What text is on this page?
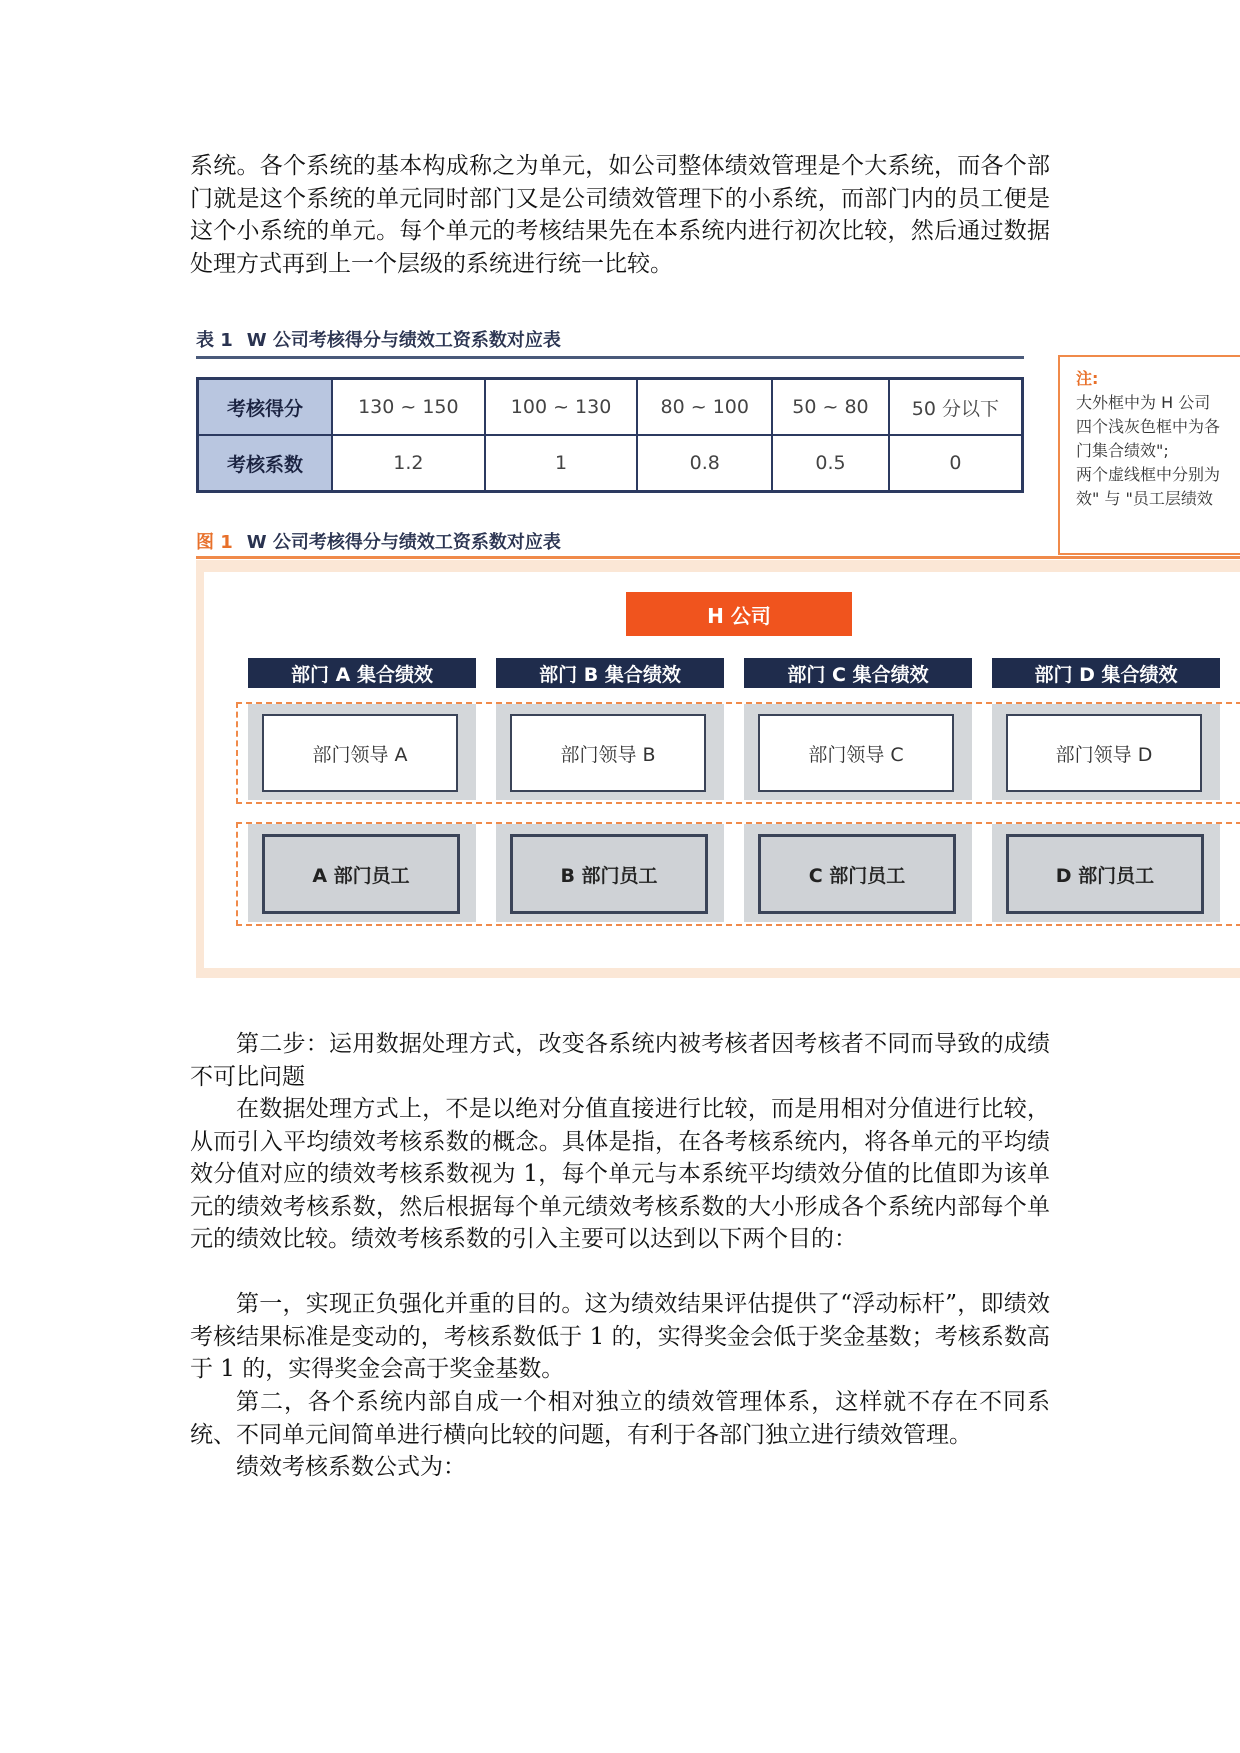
系统。各个系统的基本构成称之为单元，如公司整体绩效管理是个大系统，而各个部门就是这个系统的单元同时部门又是公司绩效管理下的小系统，而部门内的员工便是这个小系统的单元。每个单元的考核结果先在本系统内进行初次比较，然后通过数据处理方式再到上一个层级的系统进行统一比较。

表 1 W 公司考核得分与绩效工资系数对应表
考核得分	130 ~ 150	100 ~ 130	80 ~ 100	50 ~ 80	50 分以下
考核系数	1.2	1	0.8	0.5	0
注:
大外框中为 H 公司
四个浅灰色框中为各
门集合绩效";
两个虚线框中分别为
效" 与 "员工层绩效
图 1 W 公司考核得分与绩效工资系数对应表
H 公司
部门 A 集合绩效	部门 B 集合绩效	部门 C 集合绩效	部门 D 集合绩效
部门领导 A	部门领导 B	部门领导 C	部门领导 D
A 部门员工	B 部门员工	C 部门员工	D 部门员工

第二步：运用数据处理方式，改变各系统内被考核者因考核者不同而导致的成绩不可比问题

在数据处理方式上，不是以绝对分值直接进行比较，而是用相对分值进行比较，从而引入平均绩效考核系数的概念。具体是指，在各考核系统内，将各单元的平均绩效分值对应的绩效考核系数视为 1，每个单元与本系统平均绩效分值的比值即为该单元的绩效考核系数，然后根据每个单元绩效考核系数的大小形成各个系统内部每个单元的绩效比较。绩效考核系数的引入主要可以达到以下两个目的：

第一，实现正负强化并重的目的。这为绩效结果评估提供了“浮动标杆”，即绩效考核结果标准是变动的，考核系数低于 1 的，实得奖金会低于奖金基数；考核系数高于 1 的，实得奖金会高于奖金基数。

第二，各个系统内部自成一个相对独立的绩效管理体系，这样就不存在不同系统、不同单元间简单进行横向比较的问题，有利于各部门独立进行绩效管理。

绩效考核系数公式为：
